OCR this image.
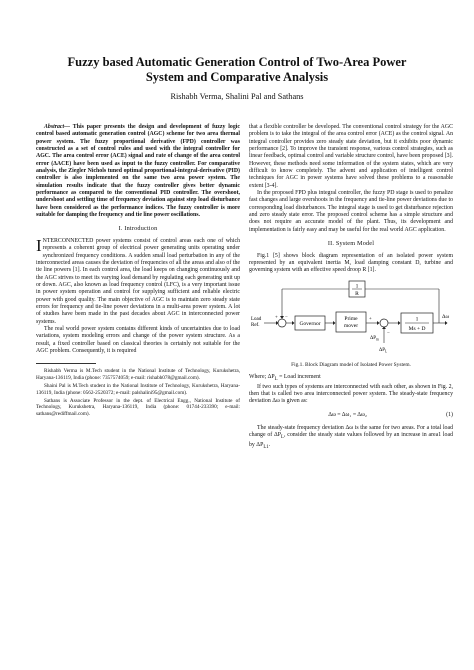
Fuzzy based Automatic Generation Control of Two-Area Power
System and Comparative Analysis
Rishabh Verma, Shalini Pal and Sathans

Abstract— This paper presents the design and development of fuzzy logic control based automatic generation control (AGC) scheme for two area thermal power system. The fuzzy proportional derivative (FPD) controller was constructed as a set of control rules and used with the integral controller for AGC. The area control error (ACE) signal and rate of change of the area control error (ΔACE) have been used as input to the fuzzy controller. For comparative analysis, the Ziegler Nichols tuned optimal proportional-integral-derivative (PID) controller is also implemented on the same two area power system. The simulation results indicate that the fuzzy controller gives better dynamic performance as compared to the conventional PID controller. The overshoot, undershoot and settling time of frequency deviation against step load disturbance have been considered as the performance indices. The fuzzy controller is more suitable for damping the frequency and tie line power oscillations.

I. Introduction

INTERCONNECTED power systems consist of control areas each one of which represents a coherent group of electrical power generating units operating under synchronized frequency conditions. A sudden small load perturbation in any of the interconnected areas causes the deviation of frequencies of all the areas and also of the tie line powers [1]. In each control area, the load keeps on changing continuously and the AGC strives to meet its varying load demand by regulating each generating unit up or down. AGC, also known as load frequency control (LFC), is a very important issue in power system operation and control for supplying sufficient and reliable electric power with good quality. The main objective of AGC is to maintain zero steady state errors for frequency and tie-line power deviations in a multi-area power system. A lot of studies have been made in the past decades about AGC in interconnected power systems.

The real world power system contains different kinds of uncertainties due to load variations, system modeling errors and change of the power system structure. As a result, a fixed controller based on classical theories is certainly not suitable for the AGC problem. Consequently, it is required

Rishabh Verma is M.Tech student in the National Institute of Technology, Kurukshetra, Haryana-136119, India (phone: 7357574059; e-mail: rishabh078@gmail.com).

Shaini Pal is M.Tech student in the National Institute of Technology, Kurukshetra, Haryana-136119, India (phone: 0562-2520372; e-mail: palshalini95@gmail.com).

Sathans is Associate Professor in the dept. of Electrical Engg., National Institute of Technology, Kurukshetra, Haryana-136119, India (phone: 01744-233390; e-mail: sathans@rediffmail.com).

that a flexible controller be developed. The conventional control strategy for the AGC problem is to take the integral of the area control error (ACE) as the control signal. An integral controller provides zero steady state deviation, but it exhibits poor dynamic performance [2]. To improve the transient response, various control strategies, such as linear feedback, optimal control and variable structure control, have been proposed [3]. However, these methods need some information of the system states, which are very difficult to know completely. The advent and application of intelligent control techniques for AGC in power systems have solved these problems to a reasonable extent [3-4].

In the proposed FPD plus integral controller, the fuzzy PD stage is used to penalize fast changes and large overshoots in the frequency and tie-line power deviations due to corresponding load disturbances. The integral stage is used to get disturbance rejection and zero steady state error. The proposed control scheme has a simple structure and does not require an accurate model of the plant. Thus, its development and implementation is fairly easy and may be useful for the real world AGC application.

II. System Model

Fig.1 [5] shows block diagram representation of an isolated power system represented by an equivalent inertia M, load damping constant D, turbine and governing system with an effective speed droop R [1].

1
R
+ −
Load
Ref.	Governor
Prime
mover
+
$\Delta P_m$
−
$\Delta P_L$
1
Ms + D
Δω
Fig.1. Block Diagram model of Isolated Power System.

Where; $\Delta P_L$ = Load increment

If two such types of systems are interconnected with each other, as shown in Fig. 2, then that is called two area interconnected power system. The steady-state frequency deviation Δω is given as:

Δω = Δω₁ = Δω₂	(1)

The steady-state frequency deviation Δω is the same for two areas. For a total load change of $\Delta P_L$, consider the steady state values followed by an increase in area1 load by $\Delta P_{L1}$.
